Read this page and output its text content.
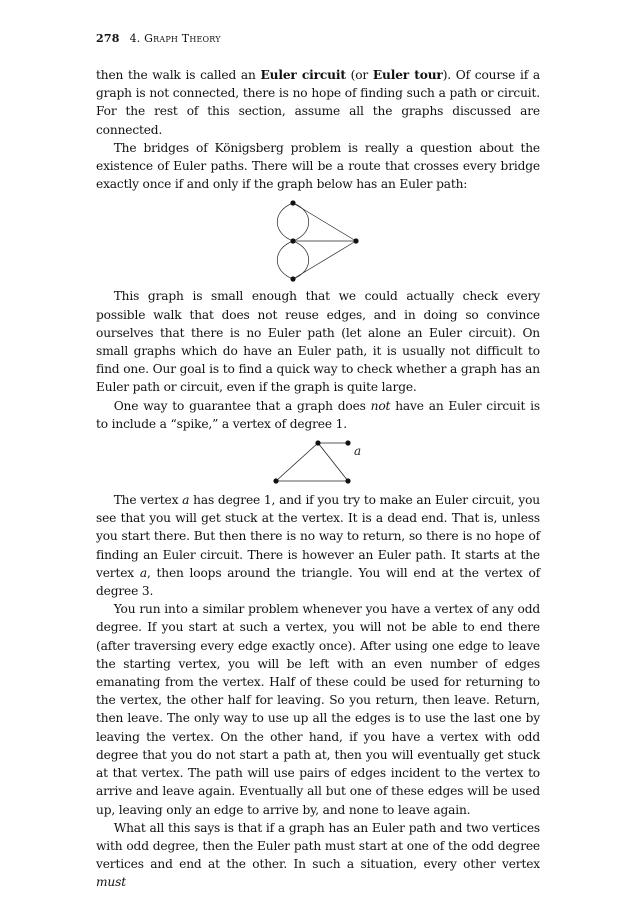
278 4. Graph Theory

then the walk is called an Euler circuit (or Euler tour). Of course if a graph is not connected, there is no hope of finding such a path or circuit. For the rest of this section, assume all the graphs discussed are connected.

The bridges of Königsberg problem is really a question about the existence of Euler paths. There will be a route that crosses every bridge exactly once if and only if the graph below has an Euler path:

This graph is small enough that we could actually check every possible walk that does not reuse edges, and in doing so convince ourselves that there is no Euler path (let alone an Euler circuit). On small graphs which do have an Euler path, it is usually not difficult to find one. Our goal is to find a quick way to check whether a graph has an Euler path or circuit, even if the graph is quite large.

One way to guarantee that a graph does not have an Euler circuit is to include a “spike,” a vertex of degree 1.

a

The vertex a has degree 1, and if you try to make an Euler circuit, you see that you will get stuck at the vertex. It is a dead end. That is, unless you start there. But then there is no way to return, so there is no hope of finding an Euler circuit. There is however an Euler path. It starts at the vertex a, then loops around the triangle. You will end at the vertex of degree 3.

You run into a similar problem whenever you have a vertex of any odd degree. If you start at such a vertex, you will not be able to end there (after traversing every edge exactly once). After using one edge to leave the starting vertex, you will be left with an even number of edges emanating from the vertex. Half of these could be used for returning to the vertex, the other half for leaving. So you return, then leave. Return, then leave. The only way to use up all the edges is to use the last one by leaving the vertex. On the other hand, if you have a vertex with odd degree that you do not start a path at, then you will eventually get stuck at that vertex. The path will use pairs of edges incident to the vertex to arrive and leave again. Eventually all but one of these edges will be used up, leaving only an edge to arrive by, and none to leave again.

What all this says is that if a graph has an Euler path and two vertices with odd degree, then the Euler path must start at one of the odd degree vertices and end at the other. In such a situation, every other vertex must
